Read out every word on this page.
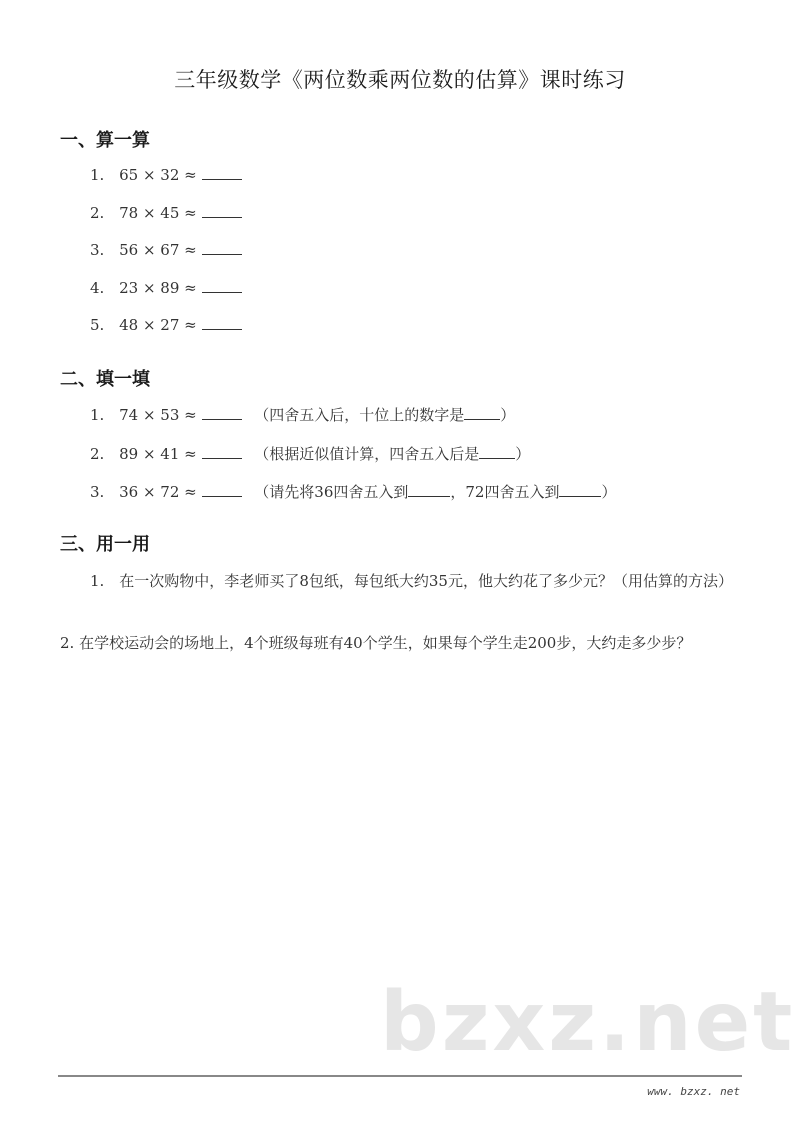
三年级数学《两位数乘两位数的估算》课时练习
一、算一算
1. 65 × 32 ≈
2. 78 × 45 ≈
3. 56 × 67 ≈
4. 23 × 89 ≈
5. 48 × 27 ≈
二、填一填
1. 74 × 53 ≈	（四舍五入后，十位上的数字是 ）
2. 89 × 41 ≈	（根据近似值计算，四舍五入后是 ）
3. 36 × 72 ≈	（请先将36四舍五入到	，72四舍五入到	）
三、用一用
1.　在一次购物中，李老师买了8包纸，每包纸大约35元，他大约花了多少元？（用估算的方法）
2. 在学校运动会的场地上，4个班级每班有40个学生，如果每个学生走200步，大约走多少步？
bzxz.net
www. bzxz. net
